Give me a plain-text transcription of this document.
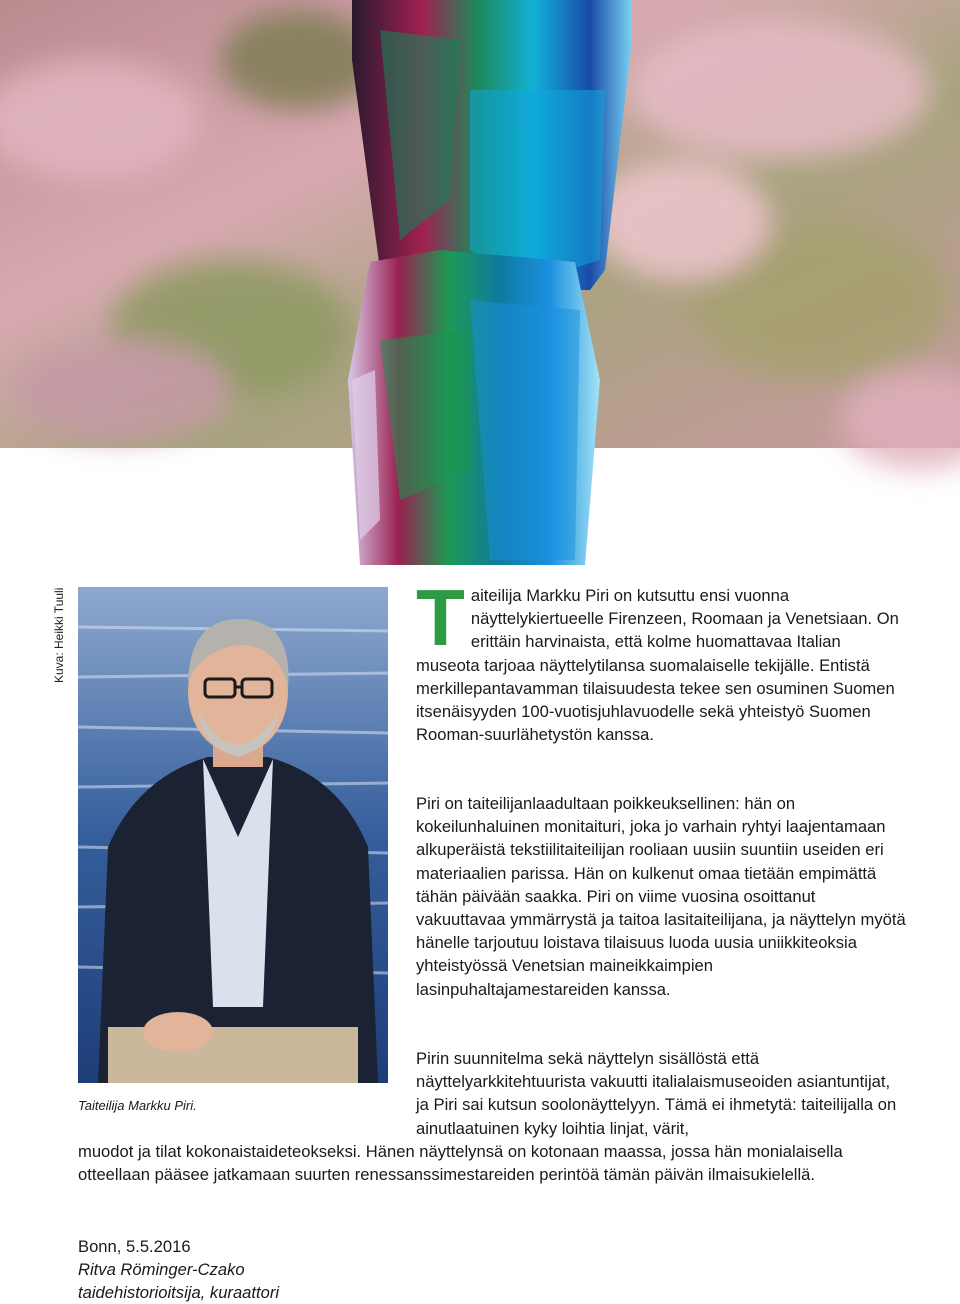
Kuva: Heikki Tuuli
Taiteilija Markku Piri.

Taiteilija Markku Piri on kutsuttu ensi vuonna näyttelykiertueelle Firenzeen, Roomaan ja Venetsiaan. On erittäin harvinaista, että kolme huomattavaa Italian museota tarjoaa näyttelytilansa suomalaiselle tekijälle. Entistä merkillepantavamman tilaisuudesta tekee sen osuminen Suomen itsenäisyyden 100-vuotisjuhlavuodelle sekä yhteistyö Suomen Rooman-suurlähetystön kanssa.

Piri on taiteilijanlaadultaan poikkeuksellinen: hän on kokeilunhaluinen monitaituri, joka jo varhain ryhtyi laajentamaan alkuperäistä tekstiilitaiteilijan rooliaan uusiin suuntiin useiden eri materiaalien parissa. Hän on kulkenut omaa tietään empimättä tähän päivään saakka. Piri on viime vuosina osoittanut vakuuttavaa ymmärrystä ja taitoa lasitaiteilijana, ja näyttelyn myötä hänelle tarjoutuu loistava tilaisuus luoda uusia uniikkiteoksia yhteistyössä Venetsian maineikkaimpien lasinpuhaltajamestareiden kanssa.

Pirin suunnitelma sekä näyttelyn sisällöstä että näyttelyarkkitehtuurista vakuutti italialaismuseoiden asiantuntijat, ja Piri sai kutsun soolonäyttelyyn. Tämä ei ihmetytä: taiteilijalla on ainutlaatuinen kyky loihtia linjat, värit,

muodot ja tilat kokonaistaideteokseksi. Hänen näyttelynsä on kotonaan maassa, jossa hän monialaisella otteellaan pääsee jatkamaan suurten renessanssimestareiden perintöä tämän päivän ilmaisukielellä.

Bonn, 5.5.2016
Ritva Röminger-Czako
taidehistorioitsija, kuraattori
